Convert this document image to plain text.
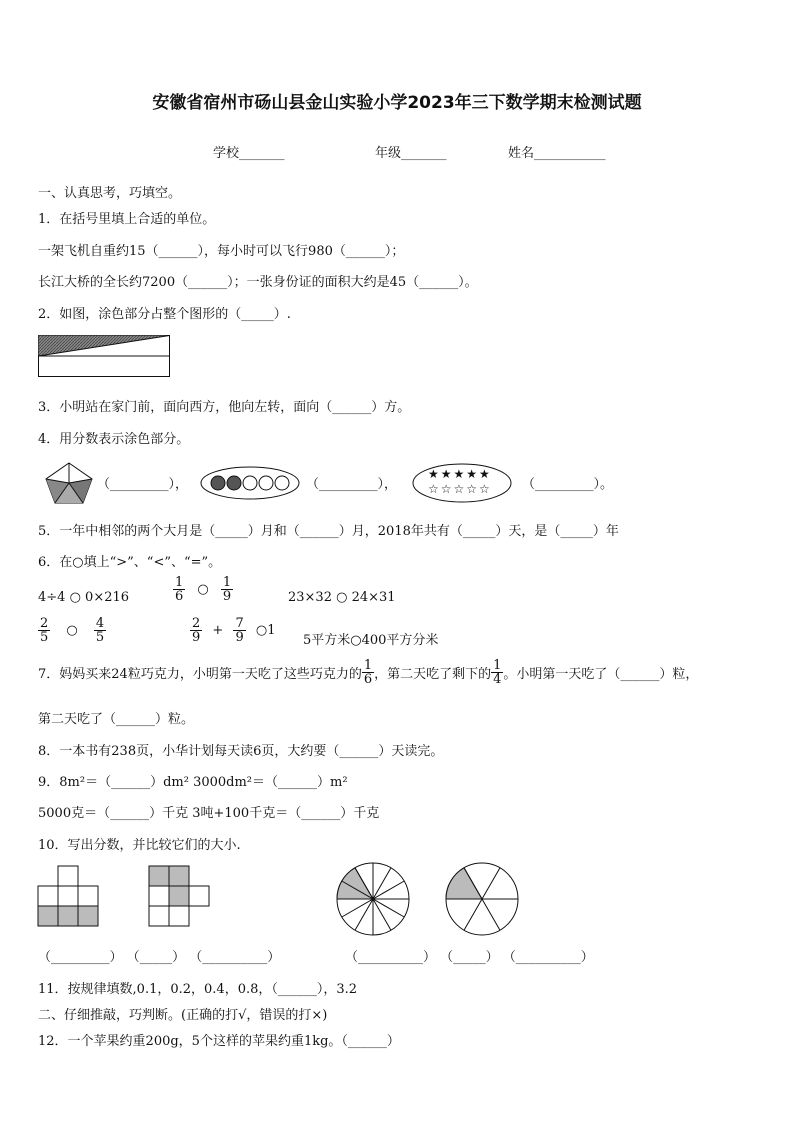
安徽省宿州市砀山县金山实验小学2023年三下数学期末检测试题
学校_______	年级_______	姓名___________
一、认真思考，巧填空。
1．在括号里填上合适的单位。
一架飞机自重约15（______），每小时可以飞行980（______）；
长江大桥的全长约7200（______）；一张身份证的面积大约是45（______）。
2．如图，涂色部分占整个图形的（_____）.
3．小明站在家门前，面向西方，他向左转，面向（______）方。
4．用分数表示涂色部分。
（_________），	（_________），
★★★★★
☆☆☆☆☆ （_________）。
5．一年中相邻的两个大月是（_____）月和（______）月，2018年共有（_____）天，是（_____）年
6．在○填上“>”、“<”、“=”。
4÷4 ○ 0×216	$\frac{1}{6}$ ○ $\frac{1}{9}$	23×32 ○ 24×31
$\frac{2}{5}$ ○ $\frac{4}{5}$	$\frac{2}{9} + \frac{7}{9}$ ○1
5平方米○400平方分米
7．妈妈买来24粒巧克力，小明第一天吃了这些巧克力的 $\frac{1}{6}$ ，第二天吃了剩下的 $\frac{1}{4}$ 。小明第一天吃了（______）粒，
第二天吃了（______）粒。
8．一本书有238页，小华计划每天读6页，大约要（______）天读完。
9．8m²＝（______）dm² 3000dm²＝（______）m²
5000克＝（______）千克 3吨+100千克＝（______）千克
10．写出分数，并比较它们的大小.
（_________） （_____） （__________）	（__________） （_____） （__________）
11．按规律填数,0.1，0.2，0.4，0.8，（______），3.2
二、仔细推敲，巧判断。(正确的打√，错误的打×)
12．一个苹果约重200g，5个这样的苹果约重1kg。（______）
